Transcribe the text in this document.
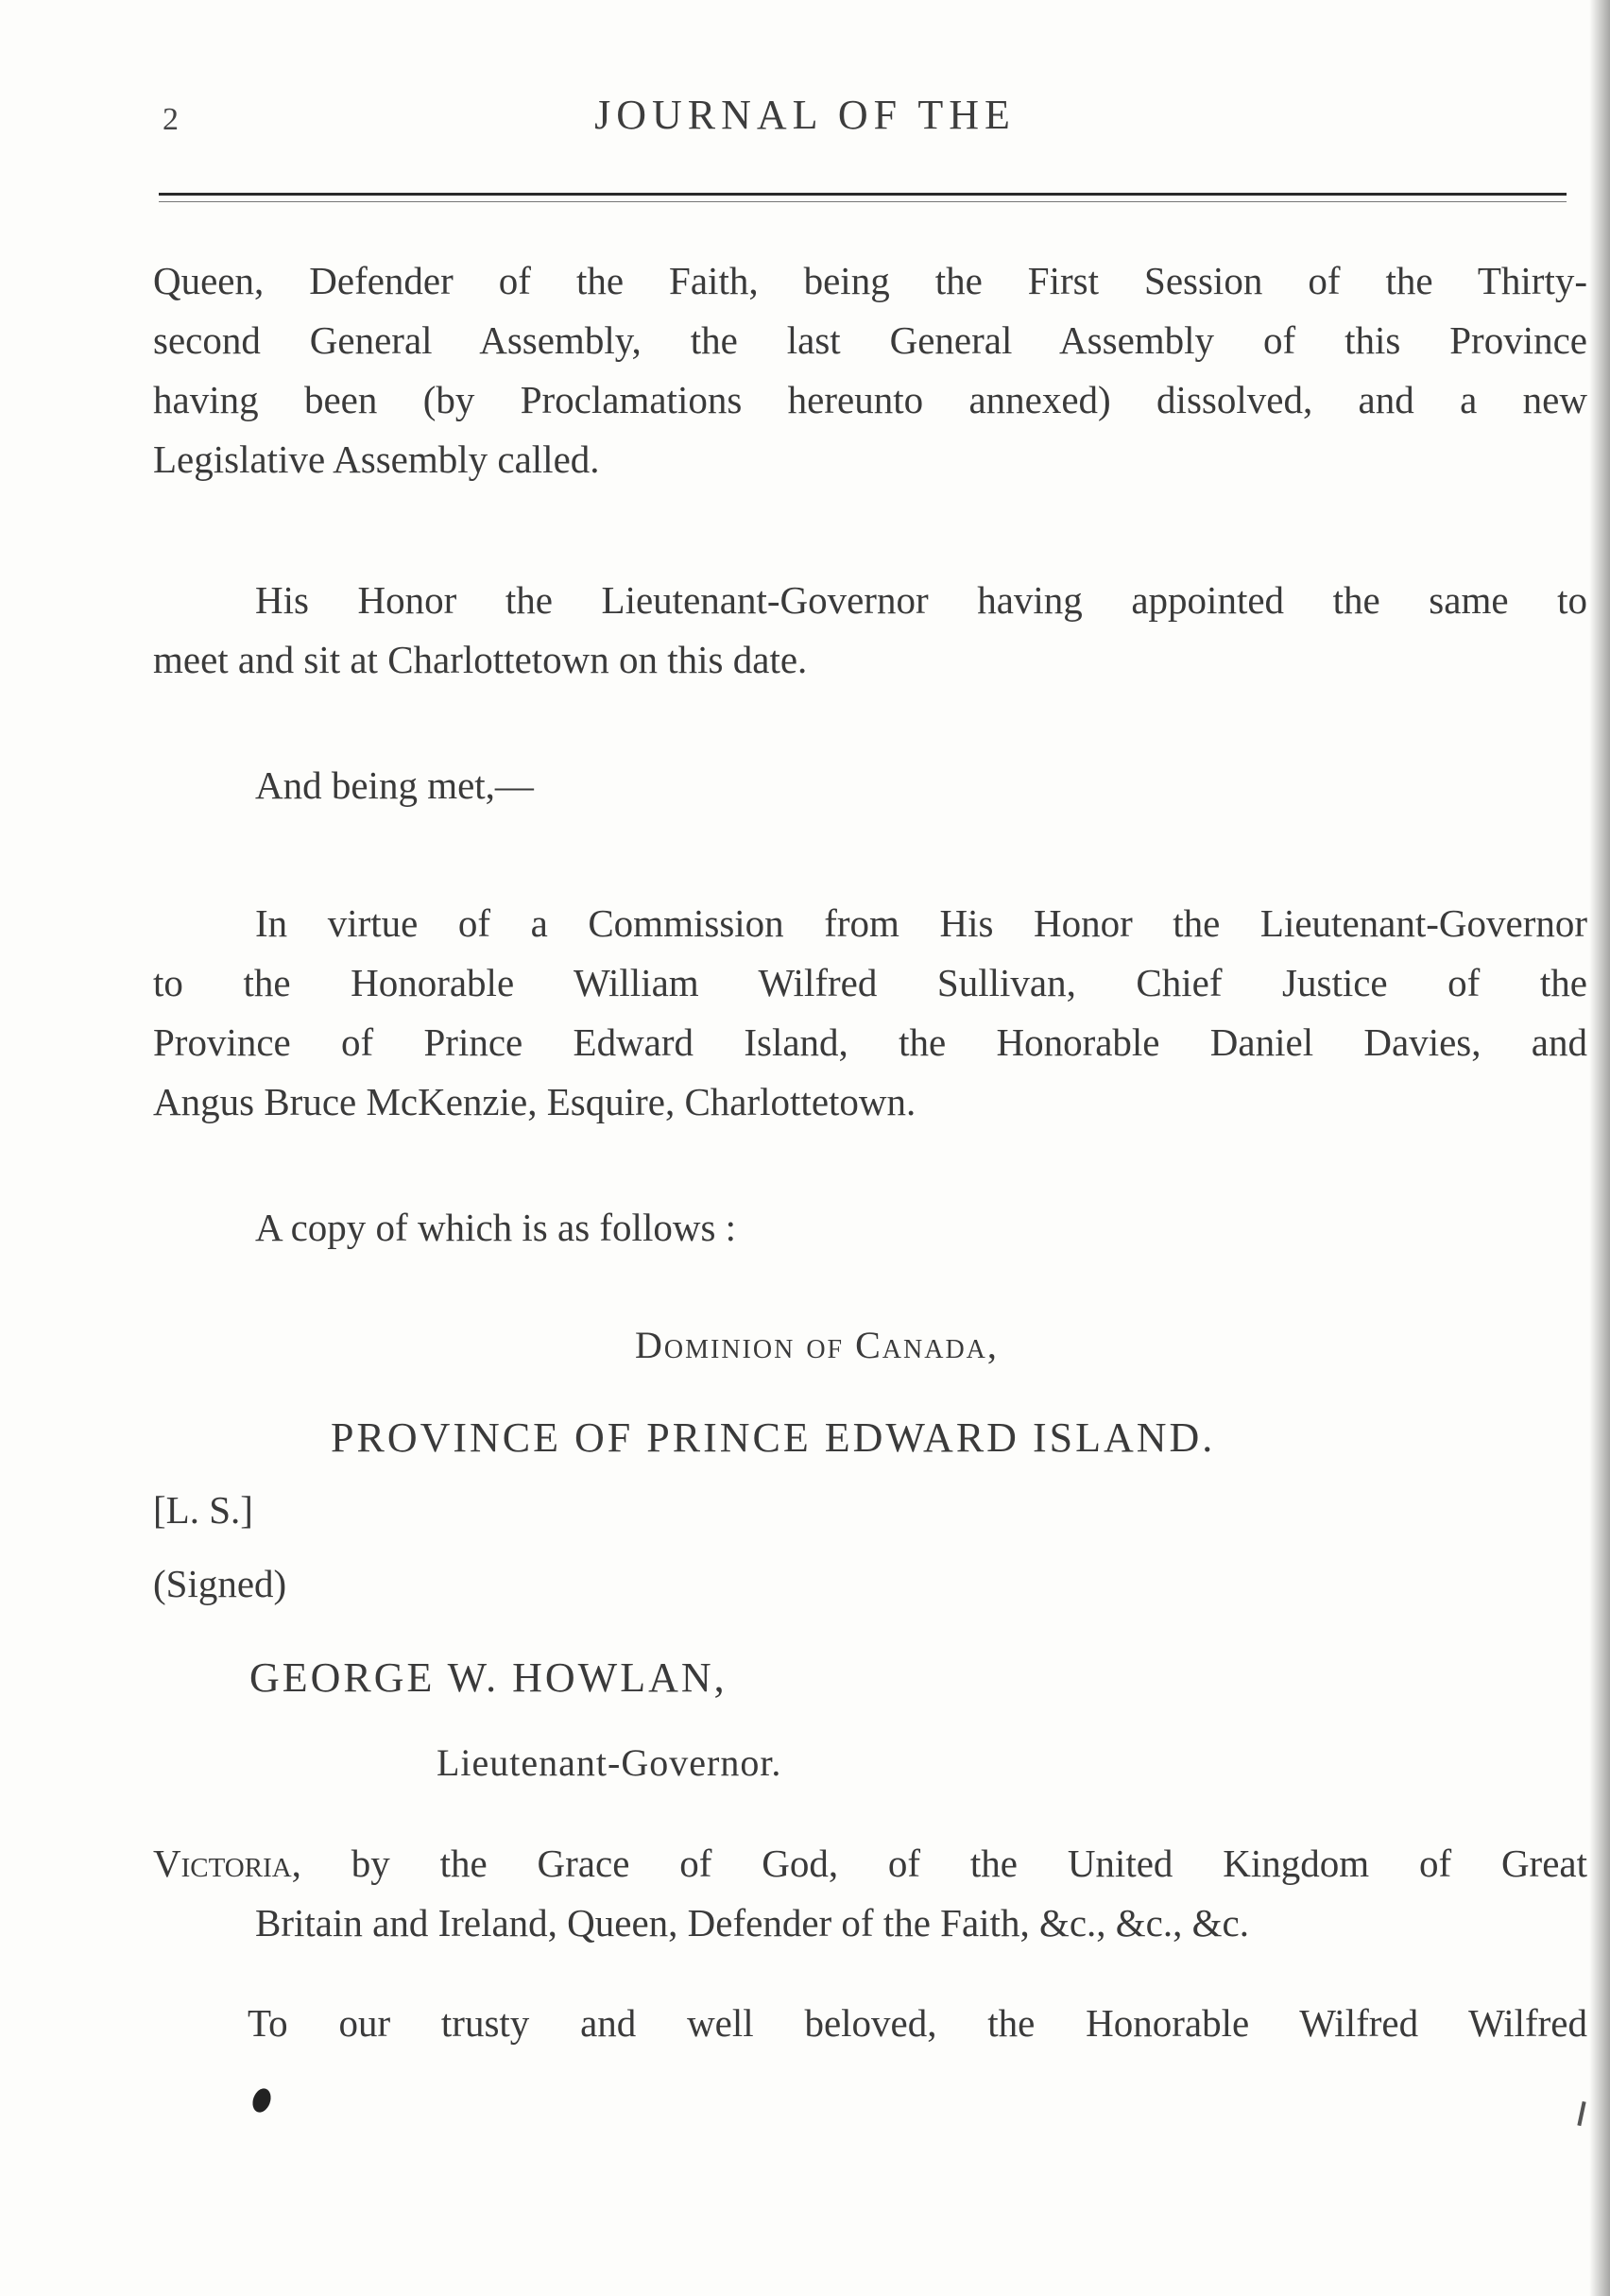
2	JOURNAL OF THE
Queen, Defender of the Faith, being the First Session of the Thirty-
second General Assembly, the last General Assembly of this Province
having been (by Proclamations hereunto annexed) dissolved, and a new
Legislative Assembly called.
His Honor the Lieutenant-Governor having appointed the same to
meet and sit at Charlottetown on this date.
And being met,—
In virtue of a Commission from His Honor the Lieutenant-Governor
to the Honorable William Wilfred Sullivan, Chief Justice of the
Province of Prince Edward Island, the Honorable Daniel Davies, and
Angus Bruce McKenzie, Esquire, Charlottetown.
A copy of which is as follows :
Dominion of Canada,
PROVINCE OF PRINCE EDWARD ISLAND.
[L. S.]
(Signed)
GEORGE W. HOWLAN,
Lieutenant-Governor.
Victoria, by the Grace of God, of the United Kingdom of Great
Britain and Ireland, Queen, Defender of the Faith, &c., &c., &c.
To our trusty and well beloved, the Honorable Wilfred Wilfred
